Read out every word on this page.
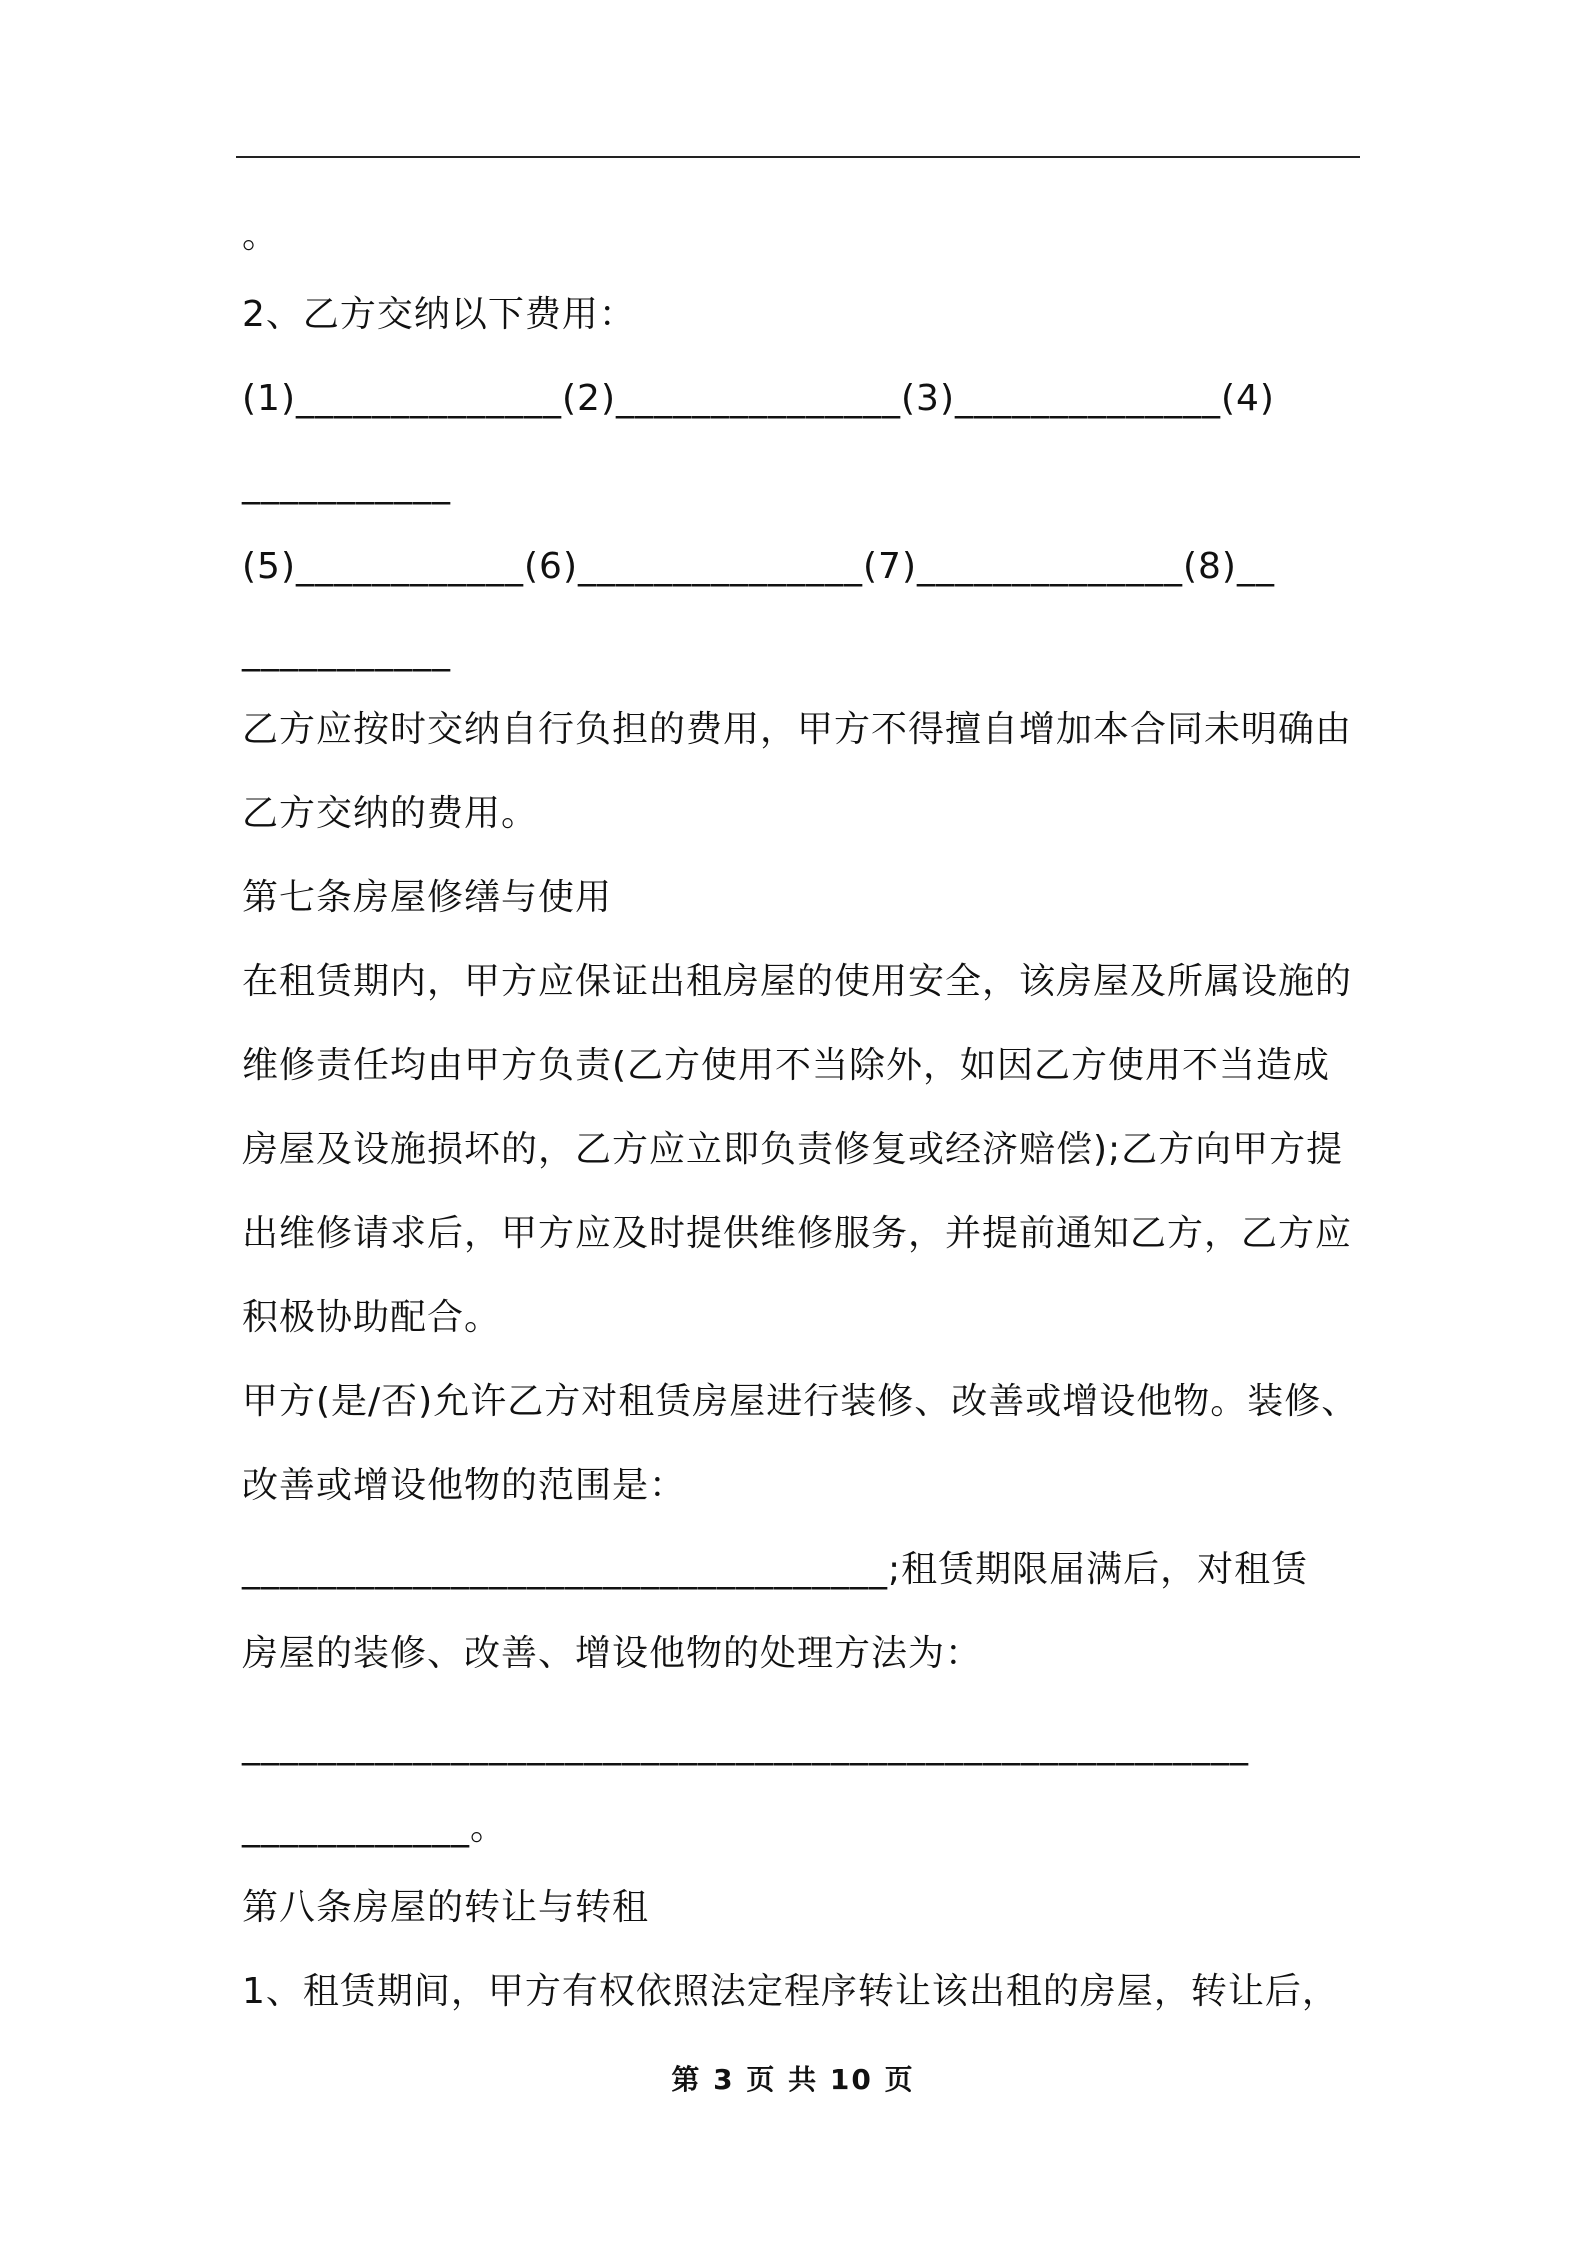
。
2、乙方交纳以下费用：
(1)______________(2)_______________(3)______________(4)
___________
(5)____________(6)_______________(7)______________(8)__
___________
乙方应按时交纳自行负担的费用，甲方不得擅自增加本合同未明确由
乙方交纳的费用。
第七条房屋修缮与使用
在租赁期内，甲方应保证出租房屋的使用安全，该房屋及所属设施的
维修责任均由甲方负责(乙方使用不当除外，如因乙方使用不当造成
房屋及设施损坏的，乙方应立即负责修复或经济赔偿);乙方向甲方提
出维修请求后，甲方应及时提供维修服务，并提前通知乙方，乙方应
积极协助配合。
甲方(是/否)允许乙方对租赁房屋进行装修、改善或增设他物。装修、
改善或增设他物的范围是：
__________________________________;租赁期限届满后，对租赁
房屋的装修、改善、增设他物的处理方法为：
_____________________________________________________
____________。
第八条房屋的转让与转租
1、租赁期间，甲方有权依照法定程序转让该出租的房屋，转让后，
第 3 页 共 10 页
